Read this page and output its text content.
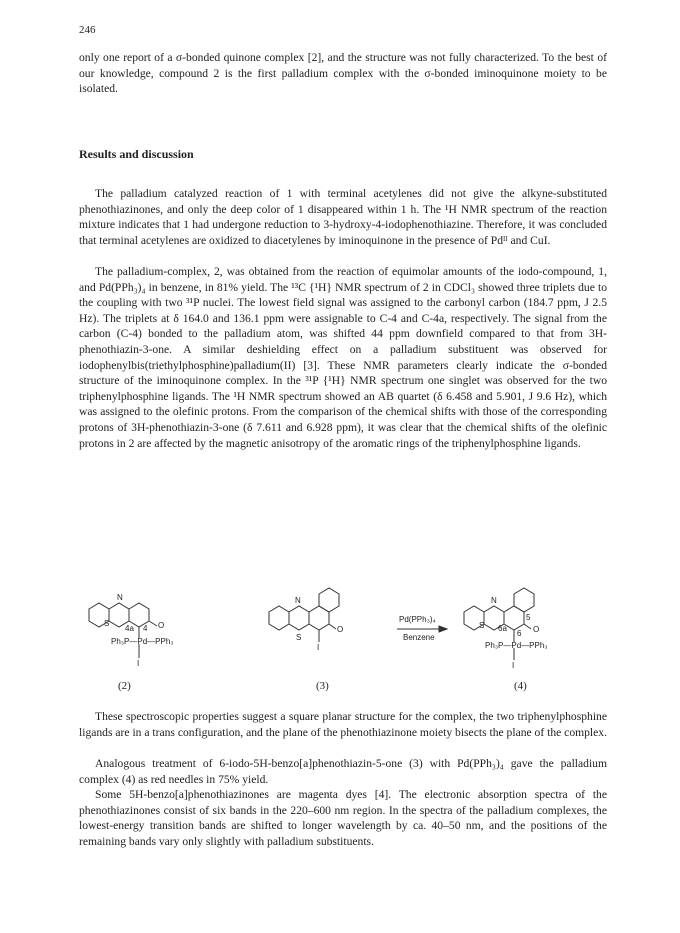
246

only one report of a σ-bonded quinone complex [2], and the structure was not fully characterized. To the best of our knowledge, compound 2 is the first palladium complex with the σ-bonded iminoquinone moiety to be isolated.

Results and discussion

The palladium catalyzed reaction of 1 with terminal acetylenes did not give the alkyne-substituted phenothiazinones, and only the deep color of 1 disappeared within 1 h. The ¹H NMR spectrum of the reaction mixture indicates that 1 had undergone reduction to 3-hydroxy-4-iodophenothiazine. Therefore, it was concluded that terminal acetylenes are oxidized to diacetylenes by iminoquinone in the presence of Pdᴵᴵ and CuI.

The palladium-complex, 2, was obtained from the reaction of equimolar amounts of the iodo-compound, 1, and Pd(PPh₃)₄ in benzene, in 81% yield. The ¹³C {¹H} NMR spectrum of 2 in CDCl₃ showed three triplets due to the coupling with two ³¹P nuclei. The lowest field signal was assigned to the carbonyl carbon (184.7 ppm, J 2.5 Hz). The triplets at δ 164.0 and 136.1 ppm were assignable to C-4 and C-4a, respectively. The signal from the carbon (C-4) bonded to the palladium atom, was shifted 44 ppm downfield compared to that from 3H-phenothiazin-3-one. A similar deshielding effect on a palladium substituent was observed for iodophenylbis(triethylphosphine)palladium(II) [3]. These NMR parameters clearly indicate the σ-bonded structure of the iminoquinone complex. In the ³¹P {¹H} NMR spectrum one singlet was observed for the two triphenylphosphine ligands. The ¹H NMR spectrum showed an AB quartet (δ 6.458 and 5.901, J 9.6 Hz), which was assigned to the olefinic protons. From the comparison of the chemical shifts with those of the corresponding protons of 3H-phenothiazin-3-one (δ 7.611 and 6.928 ppm), it was clear that the chemical shifts of the olefinic protons in 2 are affected by the magnetic anisotropy of the aromatic rings of the triphenylphosphine ligands.

N
S
4a 4 O
Ph₃P—Pd—PPh₃
I
N
S
O
I
Pd(PPh₃)₄
Benzene
N
S 6a
5
6 O
Ph₃P—Pd—PPh₃
I
(2)	(3)	(4)

These spectroscopic properties suggest a square planar structure for the complex, the two triphenylphosphine ligands are in a trans configuration, and the plane of the phenothiazinone moiety bisects the plane of the complex.

Analogous treatment of 6-iodo-5H-benzo[a]phenothiazin-5-one (3) with Pd(PPh₃)₄ gave the palladium complex (4) as red needles in 75% yield.

Some 5H-benzo[a]phenothiazinones are magenta dyes [4]. The electronic absorption spectra of the phenothiazinones consist of six bands in the 220–600 nm region. In the spectra of the palladium complexes, the lowest-energy transition bands are shifted to longer wavelength by ca. 40–50 nm, and the positions of the remaining bands vary only slightly with palladium substituents.
